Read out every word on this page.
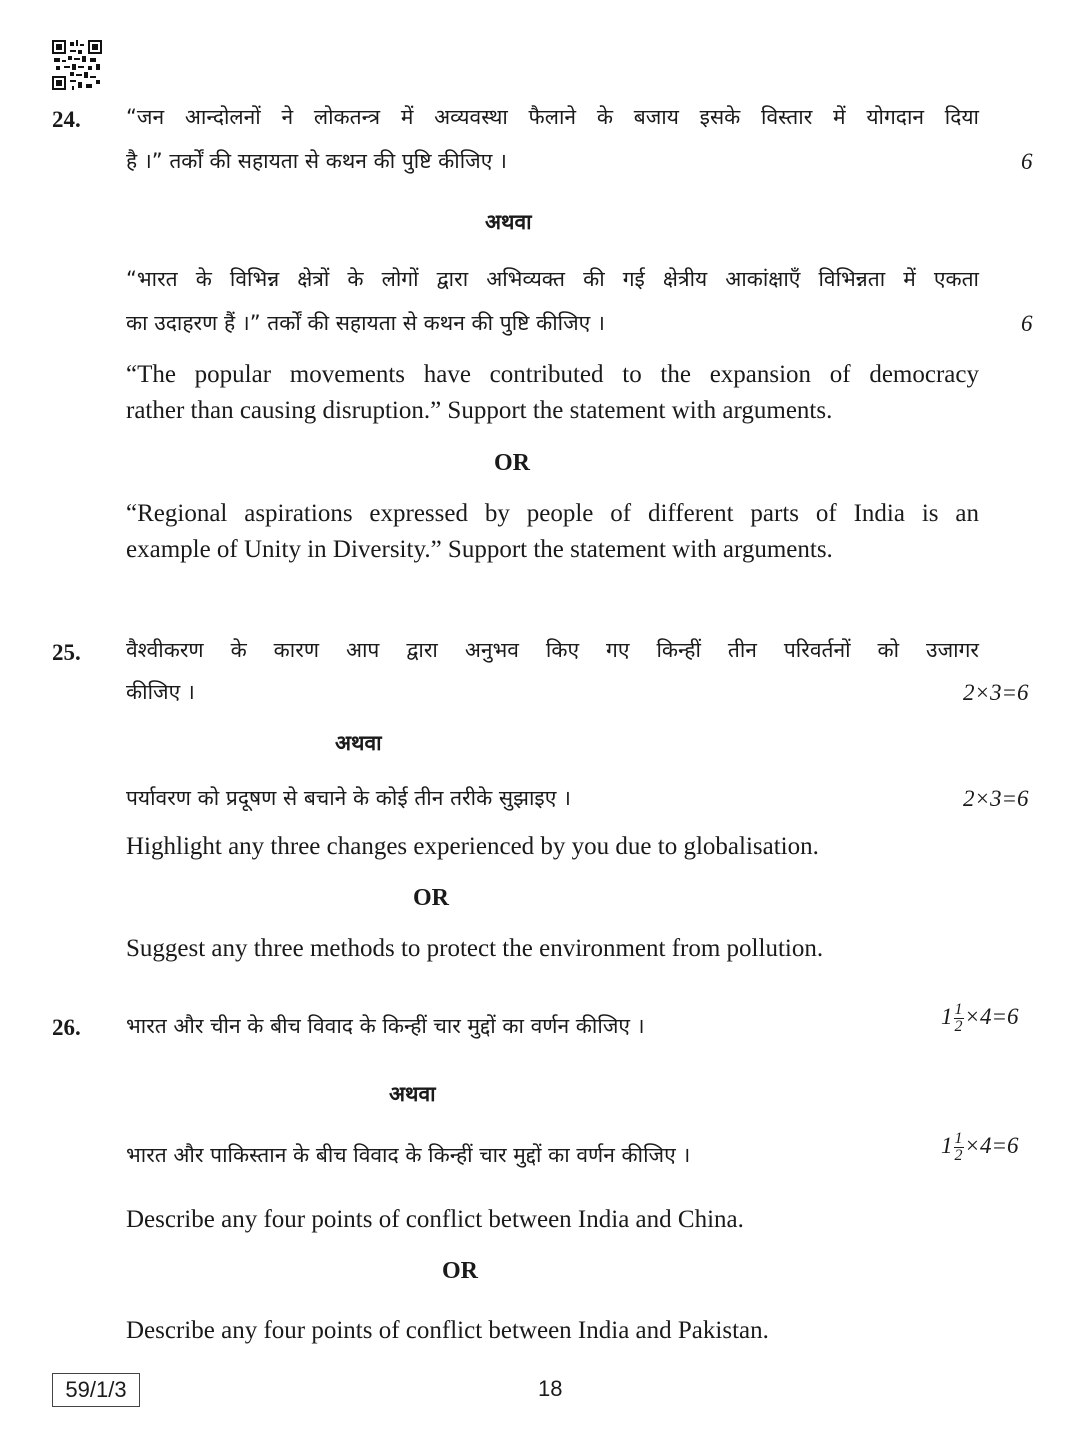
24. “जन आन्दोलनों ने लोकतन्त्र में अव्यवस्था फैलाने के बजाय इसके विस्तार में योगदान दिया
है ।” तर्कों की सहायता से कथन की पुष्टि कीजिए ।	6
अथवा
“भारत के विभिन्न क्षेत्रों के लोगों द्वारा अभिव्यक्त की गई क्षेत्रीय आकांक्षाएँ विभिन्नता में एकता
का उदाहरण हैं ।” तर्कों की सहायता से कथन की पुष्टि कीजिए ।	6
“The popular movements have contributed to the expansion of democracy
rather than causing disruption.” Support the statement with arguments.
OR
“Regional aspirations expressed by people of different parts of India is an
example of Unity in Diversity.” Support the statement with arguments.
25. वैश्वीकरण के कारण आप द्वारा अनुभव किए गए किन्हीं तीन परिवर्तनों को उजागर
कीजिए ।	2×3=6
अथवा
पर्यावरण को प्रदूषण से बचाने के कोई तीन तरीके सुझाइए ।	2×3=6
Highlight any three changes experienced by you due to globalisation.
OR
Suggest any three methods to protect the environment from pollution.
26. भारत और चीन के बीच विवाद के किन्हीं चार मुद्दों का वर्णन कीजिए ।	$1 \frac{1}{2} \times 4=6$
अथवा
भारत और पाकिस्तान के बीच विवाद के किन्हीं चार मुद्दों का वर्णन कीजिए ।	$1 \frac{1}{2} \times 4=6$
Describe any four points of conflict between India and China.
OR
Describe any four points of conflict between India and Pakistan.
59/1/3	18
